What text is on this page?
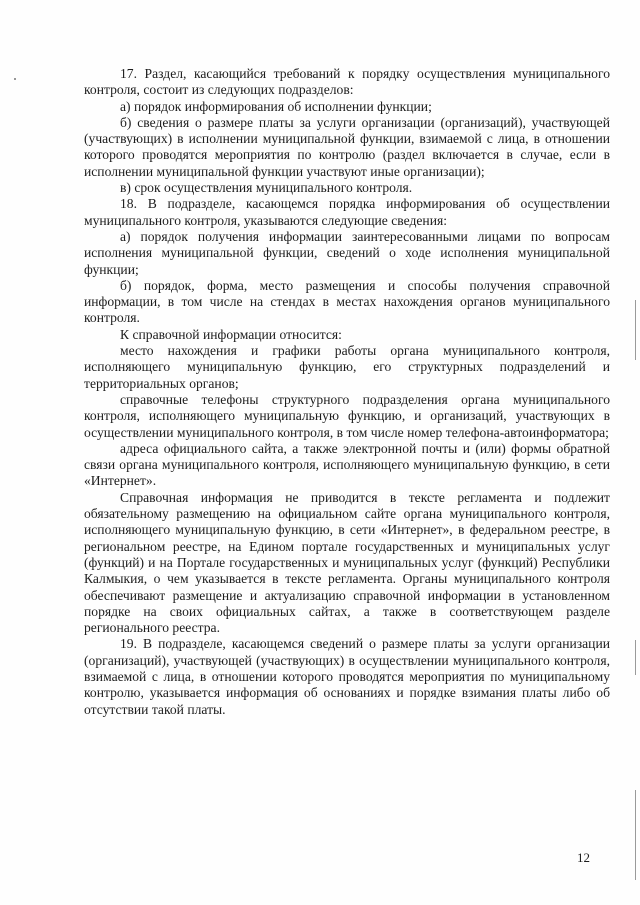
17. Раздел, касающийся требований к порядку осуществления муниципального контроля, состоит из следующих подразделов:

а) порядок информирования об исполнении функции;

б) сведения о размере платы за услуги организации (организаций), участвующей (участвующих) в исполнении муниципальной функции, взимаемой с лица, в отношении которого проводятся мероприятия по контролю (раздел включается в случае, если в исполнении муниципальной функции участвуют иные организации);

в) срок осуществления муниципального контроля.

18. В подразделе, касающемся порядка информирования об осуществлении муниципального контроля, указываются следующие сведения:

а) порядок получения информации заинтересованными лицами по вопросам исполнения муниципальной функции, сведений о ходе исполнения муниципальной функции;

б) порядок, форма, место размещения и способы получения справочной информации, в том числе на стендах в местах нахождения органов муниципального контроля.

К справочной информации относится:

место нахождения и графики работы органа муниципального контроля, исполняющего муниципальную функцию, его структурных подразделений и территориальных органов;

справочные телефоны структурного подразделения органа муниципального контроля, исполняющего муниципальную функцию, и организаций, участвующих в осуществлении муниципального контроля, в том числе номер телефона-автоинформатора;

адреса официального сайта, а также электронной почты и (или) формы обратной связи органа муниципального контроля, исполняющего муниципальную функцию, в сети «Интернет».

Справочная информация не приводится в тексте регламента и подлежит обязательному размещению на официальном сайте органа муниципального контроля, исполняющего муниципальную функцию, в сети «Интернет», в федеральном реестре, в региональном реестре, на Едином портале государственных и муниципальных услуг (функций) и на Портале государственных и муниципальных услуг (функций) Республики Калмыкия, о чем указывается в тексте регламента. Органы муниципального контроля обеспечивают размещение и актуализацию справочной информации в установленном порядке на своих официальных сайтах, а также в соответствующем разделе регионального реестра.

19. В подразделе, касающемся сведений о размере платы за услуги организации (организаций), участвующей (участвующих) в осуществлении муниципального контроля, взимаемой с лица, в отношении которого проводятся мероприятия по муниципальному контролю, указывается информация об основаниях и порядке взимания платы либо об отсутствии такой платы.

12
